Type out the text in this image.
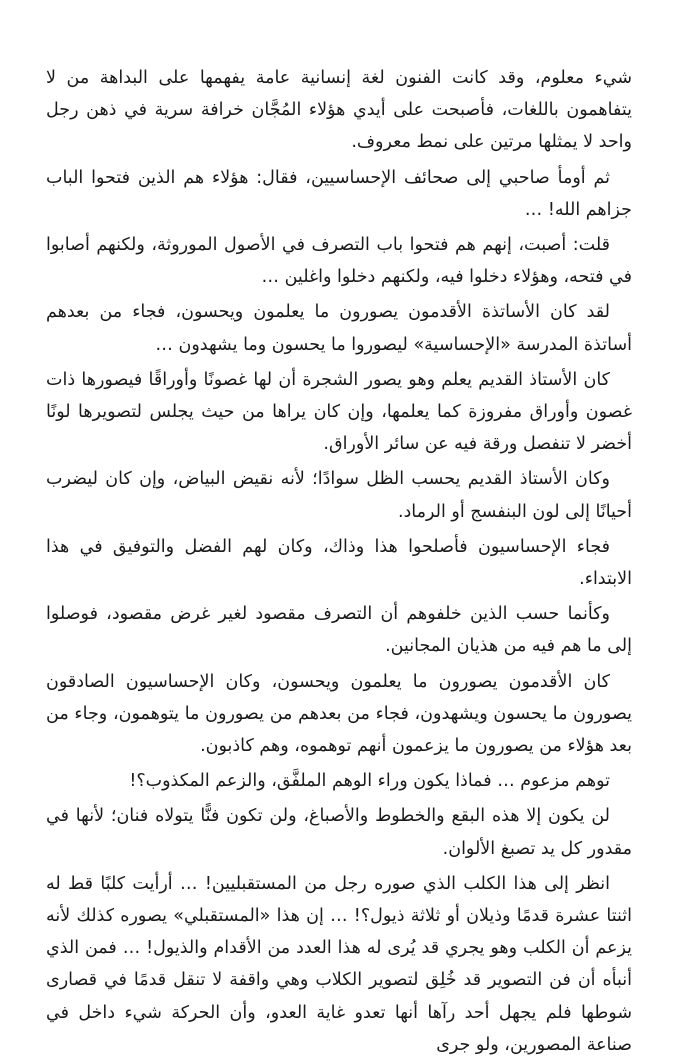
شيء معلوم، وقد كانت الفنون لغة إنسانية عامة يفهمها على البداهة من لا يتفاهمون باللغات، فأصبحت على أيدي هؤلاء المُجَّان خرافة سرية في ذهن رجل واحد لا يمثلها مرتين على نمط معروف.

ثم أومأ صاحبي إلى صحائف الإحساسيين، فقال: هؤلاء هم الذين فتحوا الباب جزاهم الله! …

قلت: أصبت، إنهم هم فتحوا باب التصرف في الأصول الموروثة، ولكنهم أصابوا في فتحه، وهؤلاء دخلوا فيه، ولكنهم دخلوا واغلين …

لقد كان الأساتذة الأقدمون يصورون ما يعلمون ويحسون، فجاء من بعدهم أساتذة المدرسة «الإحساسية» ليصوروا ما يحسون وما يشهدون …

كان الأستاذ القديم يعلم وهو يصور الشجرة أن لها غصونًا وأوراقًا فيصورها ذات غصون وأوراق مفروزة كما يعلمها، وإن كان يراها من حيث يجلس لتصويرها لونًا أخضر لا تنفصل ورقة فيه عن سائر الأوراق.

وكان الأستاذ القديم يحسب الظل سوادًا؛ لأنه نقيض البياض، وإن كان ليضرب أحيانًا إلى لون البنفسج أو الرماد.

فجاء الإحساسيون فأصلحوا هذا وذاك، وكان لهم الفضل والتوفيق في هذا الابتداء.

وكأنما حسب الذين خلفوهم أن التصرف مقصود لغير غرض مقصود، فوصلوا إلى ما هم فيه من هذيان المجانين.

كان الأقدمون يصورون ما يعلمون ويحسون، وكان الإحساسيون الصادقون يصورون ما يحسون ويشهدون، فجاء من بعدهم من يصورون ما يتوهمون، وجاء من بعد هؤلاء من يصورون ما يزعمون أنهم توهموه، وهم كاذبون.

توهم مزعوم … فماذا يكون وراء الوهم الملفَّق، والزعم المكذوب؟!

لن يكون إلا هذه البقع والخطوط والأصباغ، ولن تكون فنًّا يتولاه فنان؛ لأنها في مقدور كل يد تصبغ الألوان.

انظر إلى هذا الكلب الذي صوره رجل من المستقبليين! … أرأيت كلبًا قط له اثنتا عشرة قدمًا وذيلان أو ثلاثة ذيول؟! … إن هذا «المستقبلي» يصوره كذلك لأنه يزعم أن الكلب وهو يجري قد يُرى له هذا العدد من الأقدام والذيول! … فمن الذي أنبأه أن فن التصوير قد خُلِق لتصوير الكلاب وهي واقفة لا تنقل قدمًا في قصارى شوطها فلم يجهل أحد رآها أنها تعدو غاية العدو، وأن الحركة شيء داخل في صناعة المصورين، ولو جرى
